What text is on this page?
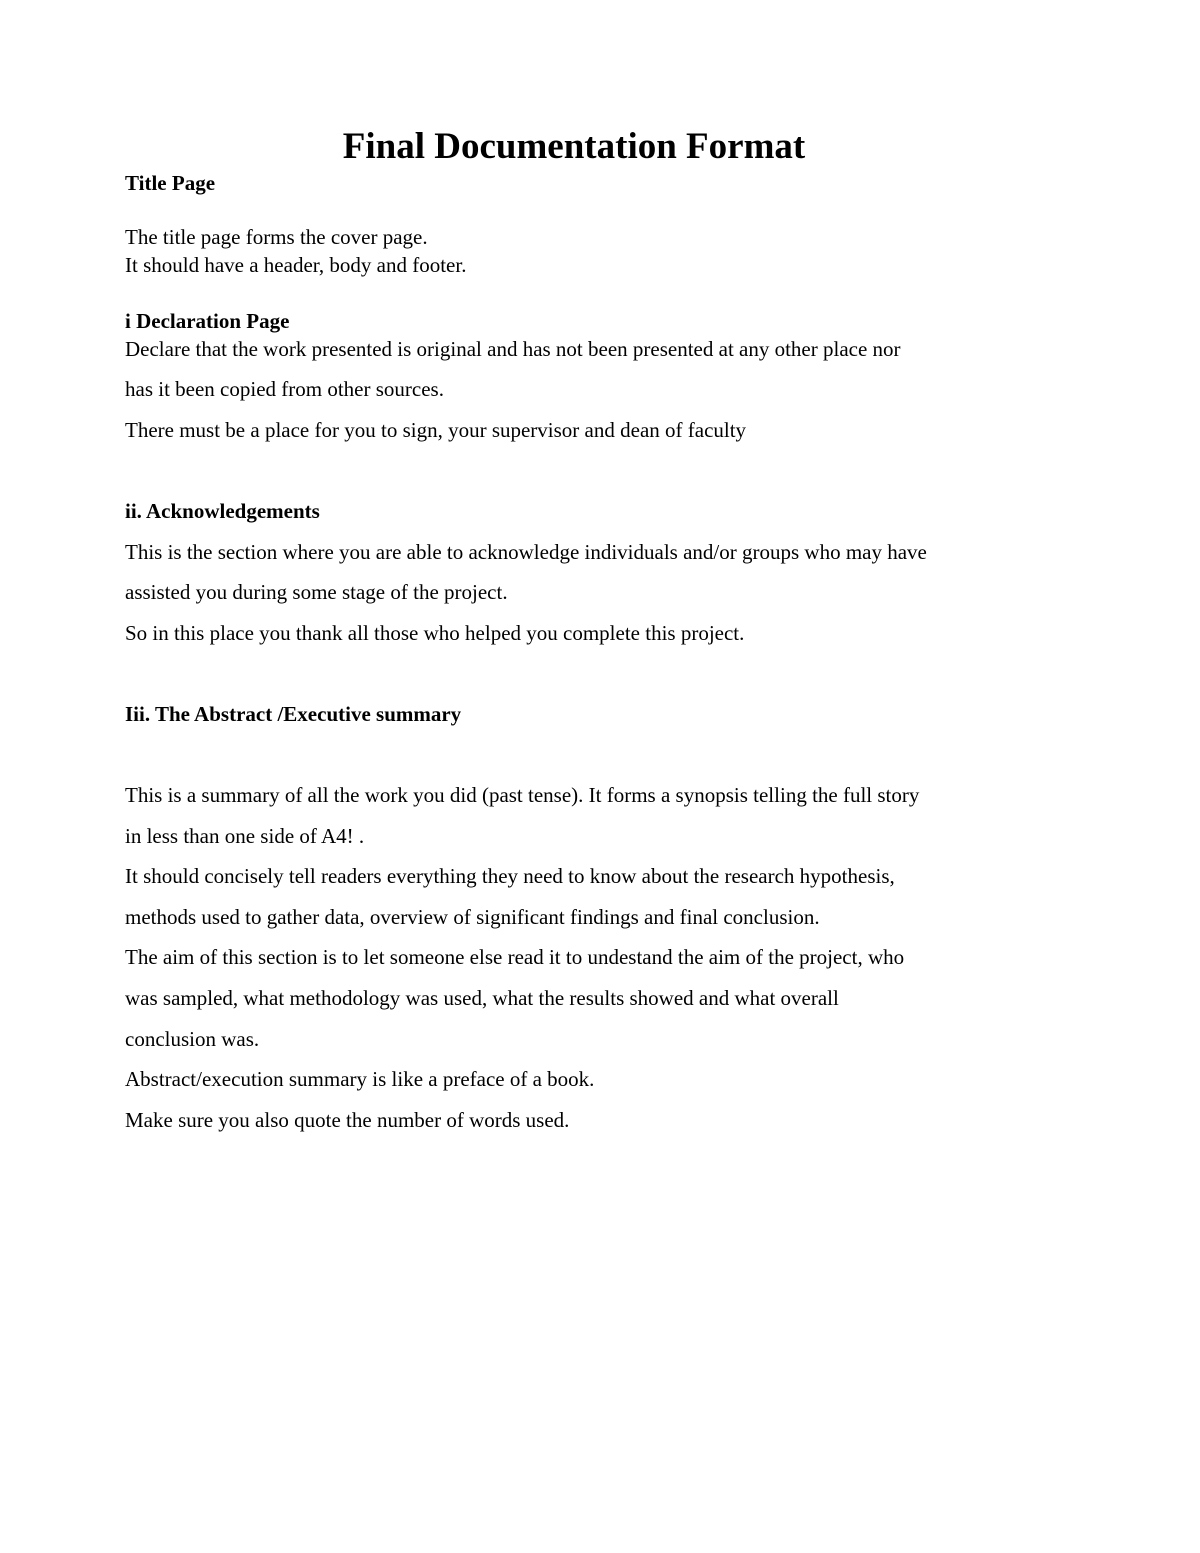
Final Documentation Format
Title Page
The title page forms the cover page.
It should have a header, body and footer.
i Declaration Page
Declare that the work presented is original and has not been presented at any other place nor
has it been copied from other sources.
There must be a place for you to sign, your supervisor and dean of faculty
ii. Acknowledgements
This is the section where you are able to acknowledge individuals and/or groups who may have
assisted you during some stage of the project.
So in this place you thank all those who helped you complete this project.
Iii. The Abstract /Executive summary
This is a summary of all the work you did (past tense). It forms a synopsis telling the full story
in less than one side of A4! .
It should concisely tell readers everything they need to know about the research hypothesis,
methods used to gather data, overview of significant findings and final conclusion.
The aim of this section is to let someone else read it to undestand the aim of the project, who
was sampled, what methodology was used, what the results showed and what overall
conclusion was.
Abstract/execution summary is like a preface of a book.
Make sure you also quote the number of words used.
